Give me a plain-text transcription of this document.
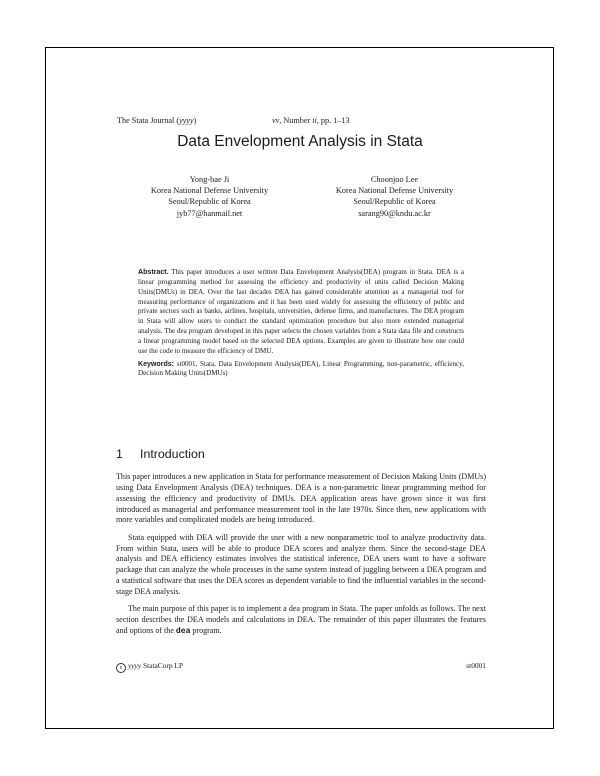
The Stata Journal (yyyy)	vv, Number ii, pp. 1–13
Data Envelopment Analysis in Stata
Yong-bae Ji
Korea National Defense University
Seoul/Republic of Korea
jyb77@hanmail.net
Choonjoo Lee
Korea National Defense University
Seoul/Republic of Korea
sarang90@kndu.ac.kr
Abstract. This paper introduces a user written Data Envelopment Analysis(DEA) program in Stata. DEA is a linear programming method for assessing the efficiency and productivity of units called Decision Making Units(DMUs) in DEA. Over the last decades DEA has gained considerable attention as a managerial tool for measuring performance of organizations and it has been used widely for assessing the efficiency of public and private sectors such as banks, airlines, hospitals, universities, defense firms, and manufactures. The DEA program in Stata will allow users to conduct the standard optimization procedure but also more extended managerial analysis. The dea program developed in this paper selects the chosen variables from a Stata data file and constructs a linear programming model based on the selected DEA options. Examples are given to illustrate how one could use the code to measure the efficiency of DMU.
Keywords: st0001, Stata, Data Envelopment Analysis(DEA), Linear Programming, non-parametric, efficiency, Decision Making Units(DMUs)
1 Introduction

This paper introduces a new application in Stata for performance measurement of Decision Making Units (DMUs) using Data Envelopment Analysis (DEA) techniques. DEA is a non-parametric linear programming method for assessing the efficiency and productivity of DMUs. DEA application areas have grown since it was first introduced as managerial and performance measurement tool in the late 1970s. Since then, new applications with more variables and complicated models are being introduced.

Stata equipped with DEA will provide the user with a new nonparametric tool to analyze productivity data. From within Stata, users will be able to produce DEA scores and analyze them. Since the second-stage DEA analysis and DEA efficiency estimates involves the statistical inference, DEA users want to have a software package that can analyze the whole processes in the same system instead of juggling between a DEA program and a statistical software that uses the DEA scores as dependent variable to find the influential variables in the second-stage DEA analysis.

The main purpose of this paper is to implement a dea program in Stata. The paper unfolds as follows. The next section describes the DEA models and calculations in DEA. The remainder of this paper illustrates the features and options of the dea program.

c yyyy StataCorp LP	st0001
